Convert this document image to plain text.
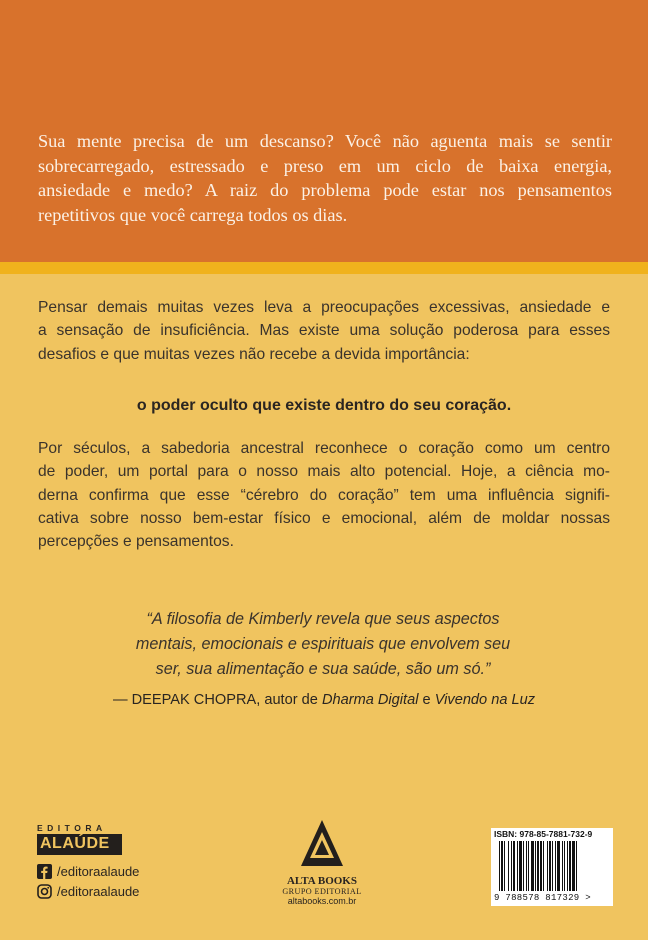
Sua mente precisa de um descanso? Você não aguenta mais se sentir
sobrecarregado, estressado e preso em um ciclo de baixa energia,
ansiedade e medo? A raiz do problema pode estar nos pensamentos
repetitivos que você carrega todos os dias.
Pensar demais muitas vezes leva a preocupações excessivas, ansiedade e
a sensação de insuficiência. Mas existe uma solução poderosa para esses
desafios e que muitas vezes não recebe a devida importância:
o poder oculto que existe dentro do seu coração.
Por séculos, a sabedoria ancestral reconhece o coração como um centro
de poder, um portal para o nosso mais alto potencial. Hoje, a ciência mo-
derna confirma que esse “cérebro do coração” tem uma influência signifi-
cativa sobre nosso bem-estar físico e emocional, além de moldar nossas
percepções e pensamentos.
“A filosofia de Kimberly revela que seus aspectos
mentais, emocionais e espirituais que envolvem seu
ser, sua alimentação e sua saúde, são um só.”
— DEEPAK CHOPRA, autor de Dharma Digital e Vivendo na Luz
EDITORA
ALAÚDE
/editoraalaude
/editoraalaude
ALTA BOOKS
GRUPO EDITORIAL
altabooks.com.br
ISBN: 978-85-7881-732-9
9 788578 817329 >
